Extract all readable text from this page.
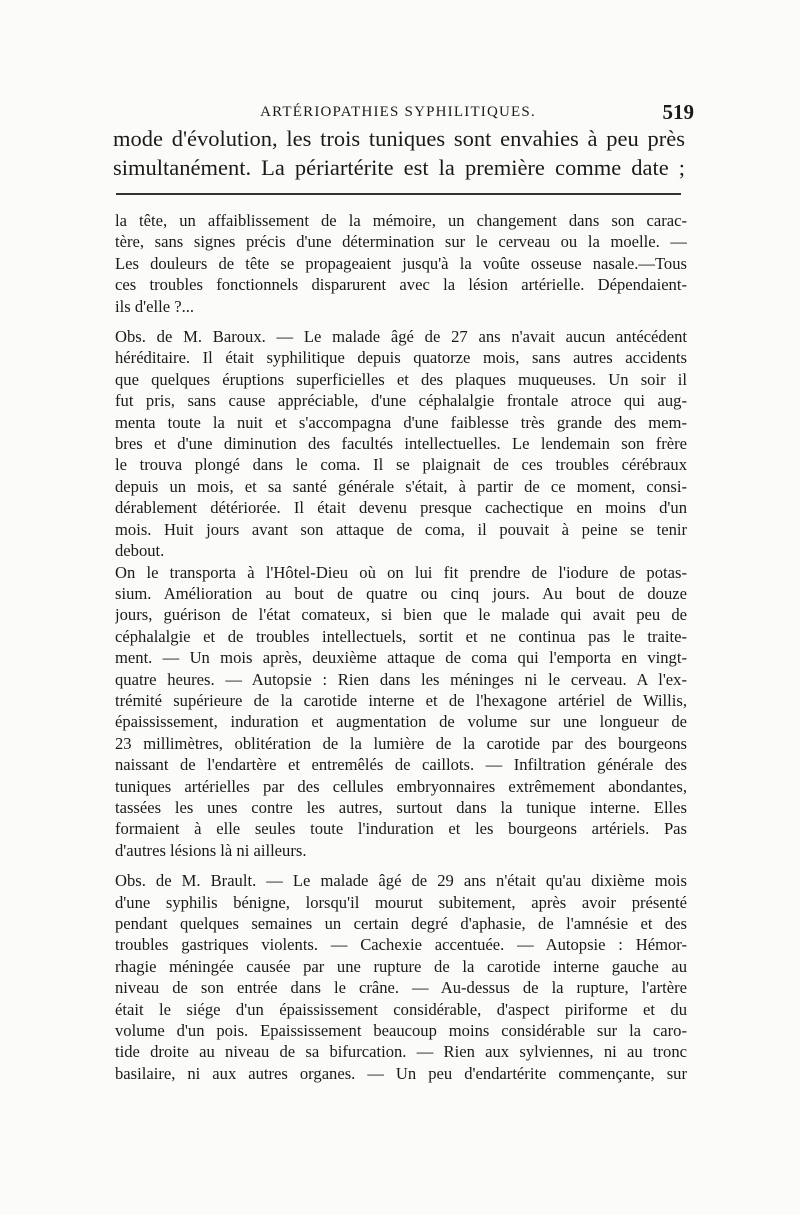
ARTÉRIOPATHIES SYPHILITIQUES.	519
mode d'évolution, les trois tuniques sont envahies à peu près
simultanément. La périartérite est la première comme date ;
la tête, un affaiblissement de la mémoire, un changement dans son carac-
tère, sans signes précis d'une détermination sur le cerveau ou la moelle. —
Les douleurs de tête se propageaient jusqu'à la voûte osseuse nasale.—Tous
ces troubles fonctionnels disparurent avec la lésion artérielle. Dépendaient-
ils d'elle ?...
Obs. de M. Baroux. — Le malade âgé de 27 ans n'avait aucun antécédent
héréditaire. Il était syphilitique depuis quatorze mois, sans autres accidents
que quelques éruptions superficielles et des plaques muqueuses. Un soir il
fut pris, sans cause appréciable, d'une céphalalgie frontale atroce qui aug-
menta toute la nuit et s'accompagna d'une faiblesse très grande des mem-
bres et d'une diminution des facultés intellectuelles. Le lendemain son frère
le trouva plongé dans le coma. Il se plaignait de ces troubles cérébraux
depuis un mois, et sa santé générale s'était, à partir de ce moment, consi-
dérablement détériorée. Il était devenu presque cachectique en moins d'un
mois. Huit jours avant son attaque de coma, il pouvait à peine se tenir
debout.
On le transporta à l'Hôtel-Dieu où on lui fit prendre de l'iodure de potas-
sium. Amélioration au bout de quatre ou cinq jours. Au bout de douze
jours, guérison de l'état comateux, si bien que le malade qui avait peu de
céphalalgie et de troubles intellectuels, sortit et ne continua pas le traite-
ment. — Un mois après, deuxième attaque de coma qui l'emporta en vingt-
quatre heures. — Autopsie : Rien dans les méninges ni le cerveau. A l'ex-
trémité supérieure de la carotide interne et de l'hexagone artériel de Willis,
épaississement, induration et augmentation de volume sur une longueur de
23 millimètres, oblitération de la lumière de la carotide par des bourgeons
naissant de l'endartère et entremêlés de caillots. — Infiltration générale des
tuniques artérielles par des cellules embryonnaires extrêmement abondantes,
tassées les unes contre les autres, surtout dans la tunique interne. Elles
formaient à elle seules toute l'induration et les bourgeons artériels. Pas
d'autres lésions là ni ailleurs.
Obs. de M. Brault. — Le malade âgé de 29 ans n'était qu'au dixième mois
d'une syphilis bénigne, lorsqu'il mourut subitement, après avoir présenté
pendant quelques semaines un certain degré d'aphasie, de l'amnésie et des
troubles gastriques violents. — Cachexie accentuée. — Autopsie : Hémor-
rhagie méningée causée par une rupture de la carotide interne gauche au
niveau de son entrée dans le crâne. — Au-dessus de la rupture, l'artère
était le siége d'un épaississement considérable, d'aspect piriforme et du
volume d'un pois. Epaississement beaucoup moins considérable sur la caro-
tide droite au niveau de sa bifurcation. — Rien aux sylviennes, ni au tronc
basilaire, ni aux autres organes. — Un peu d'endartérite commençante, sur
